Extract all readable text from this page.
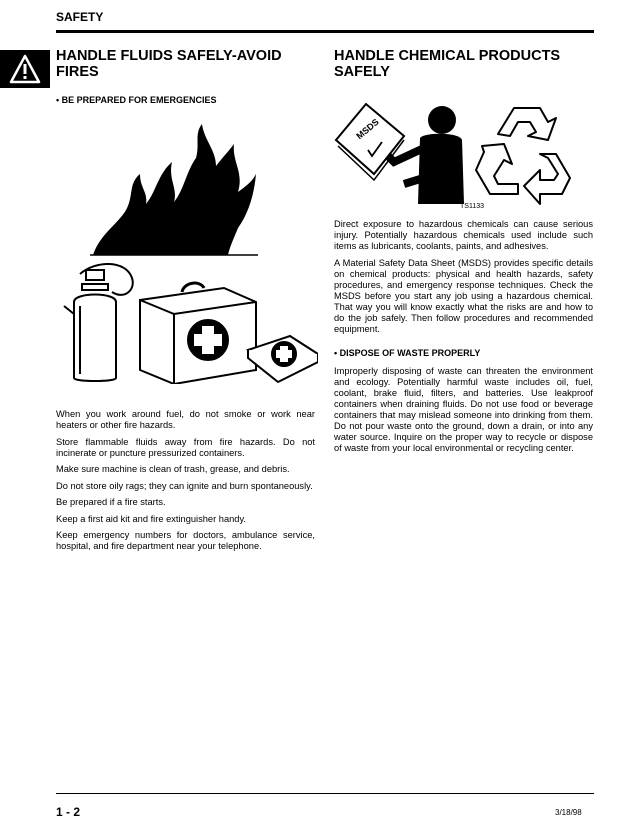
SAFETY
HANDLE FLUIDS SAFELY-AVOID
FIRES

• BE PREPARED FOR EMERGENCIES

When you work around fuel, do not smoke or work near heaters or other fire hazards.

Store flammable fluids away from fire hazards. Do not incinerate or puncture pressurized containers.

Make sure machine is clean of trash, grease, and debris.

Do not store oily rags; they can ignite and burn spontaneously.

Be prepared if a fire starts.

Keep a first aid kit and fire extinguisher handy.

Keep emergency numbers for doctors, ambulance service, hospital, and fire department near your telephone.

HANDLE CHEMICAL PRODUCTS
SAFELY
MSDS
TS1133

Direct exposure to hazardous chemicals can cause serious injury. Potentially hazardous chemicals used include such items as lubricants, coolants, paints, and adhesives.

A Material Safety Data Sheet (MSDS) provides specific details on chemical products: physical and health hazards, safety procedures, and emergency response techniques. Check the MSDS before you start any job using a hazardous chemical. That way you will know exactly what the risks are and how to do the job safely. Then follow procedures and recommended equipment.

• DISPOSE OF WASTE PROPERLY

Improperly disposing of waste can threaten the environment and ecology. Potentially harmful waste includes oil, fuel, coolant, brake fluid, filters, and batteries. Use leakproof containers when draining fluids. Do not use food or beverage containers that may mislead someone into drinking from them. Do not pour waste onto the ground, down a drain, or into any water source. Inquire on the proper way to recycle or dispose of waste from your local environmental or recycling center.

1 - 2	3/18/98
